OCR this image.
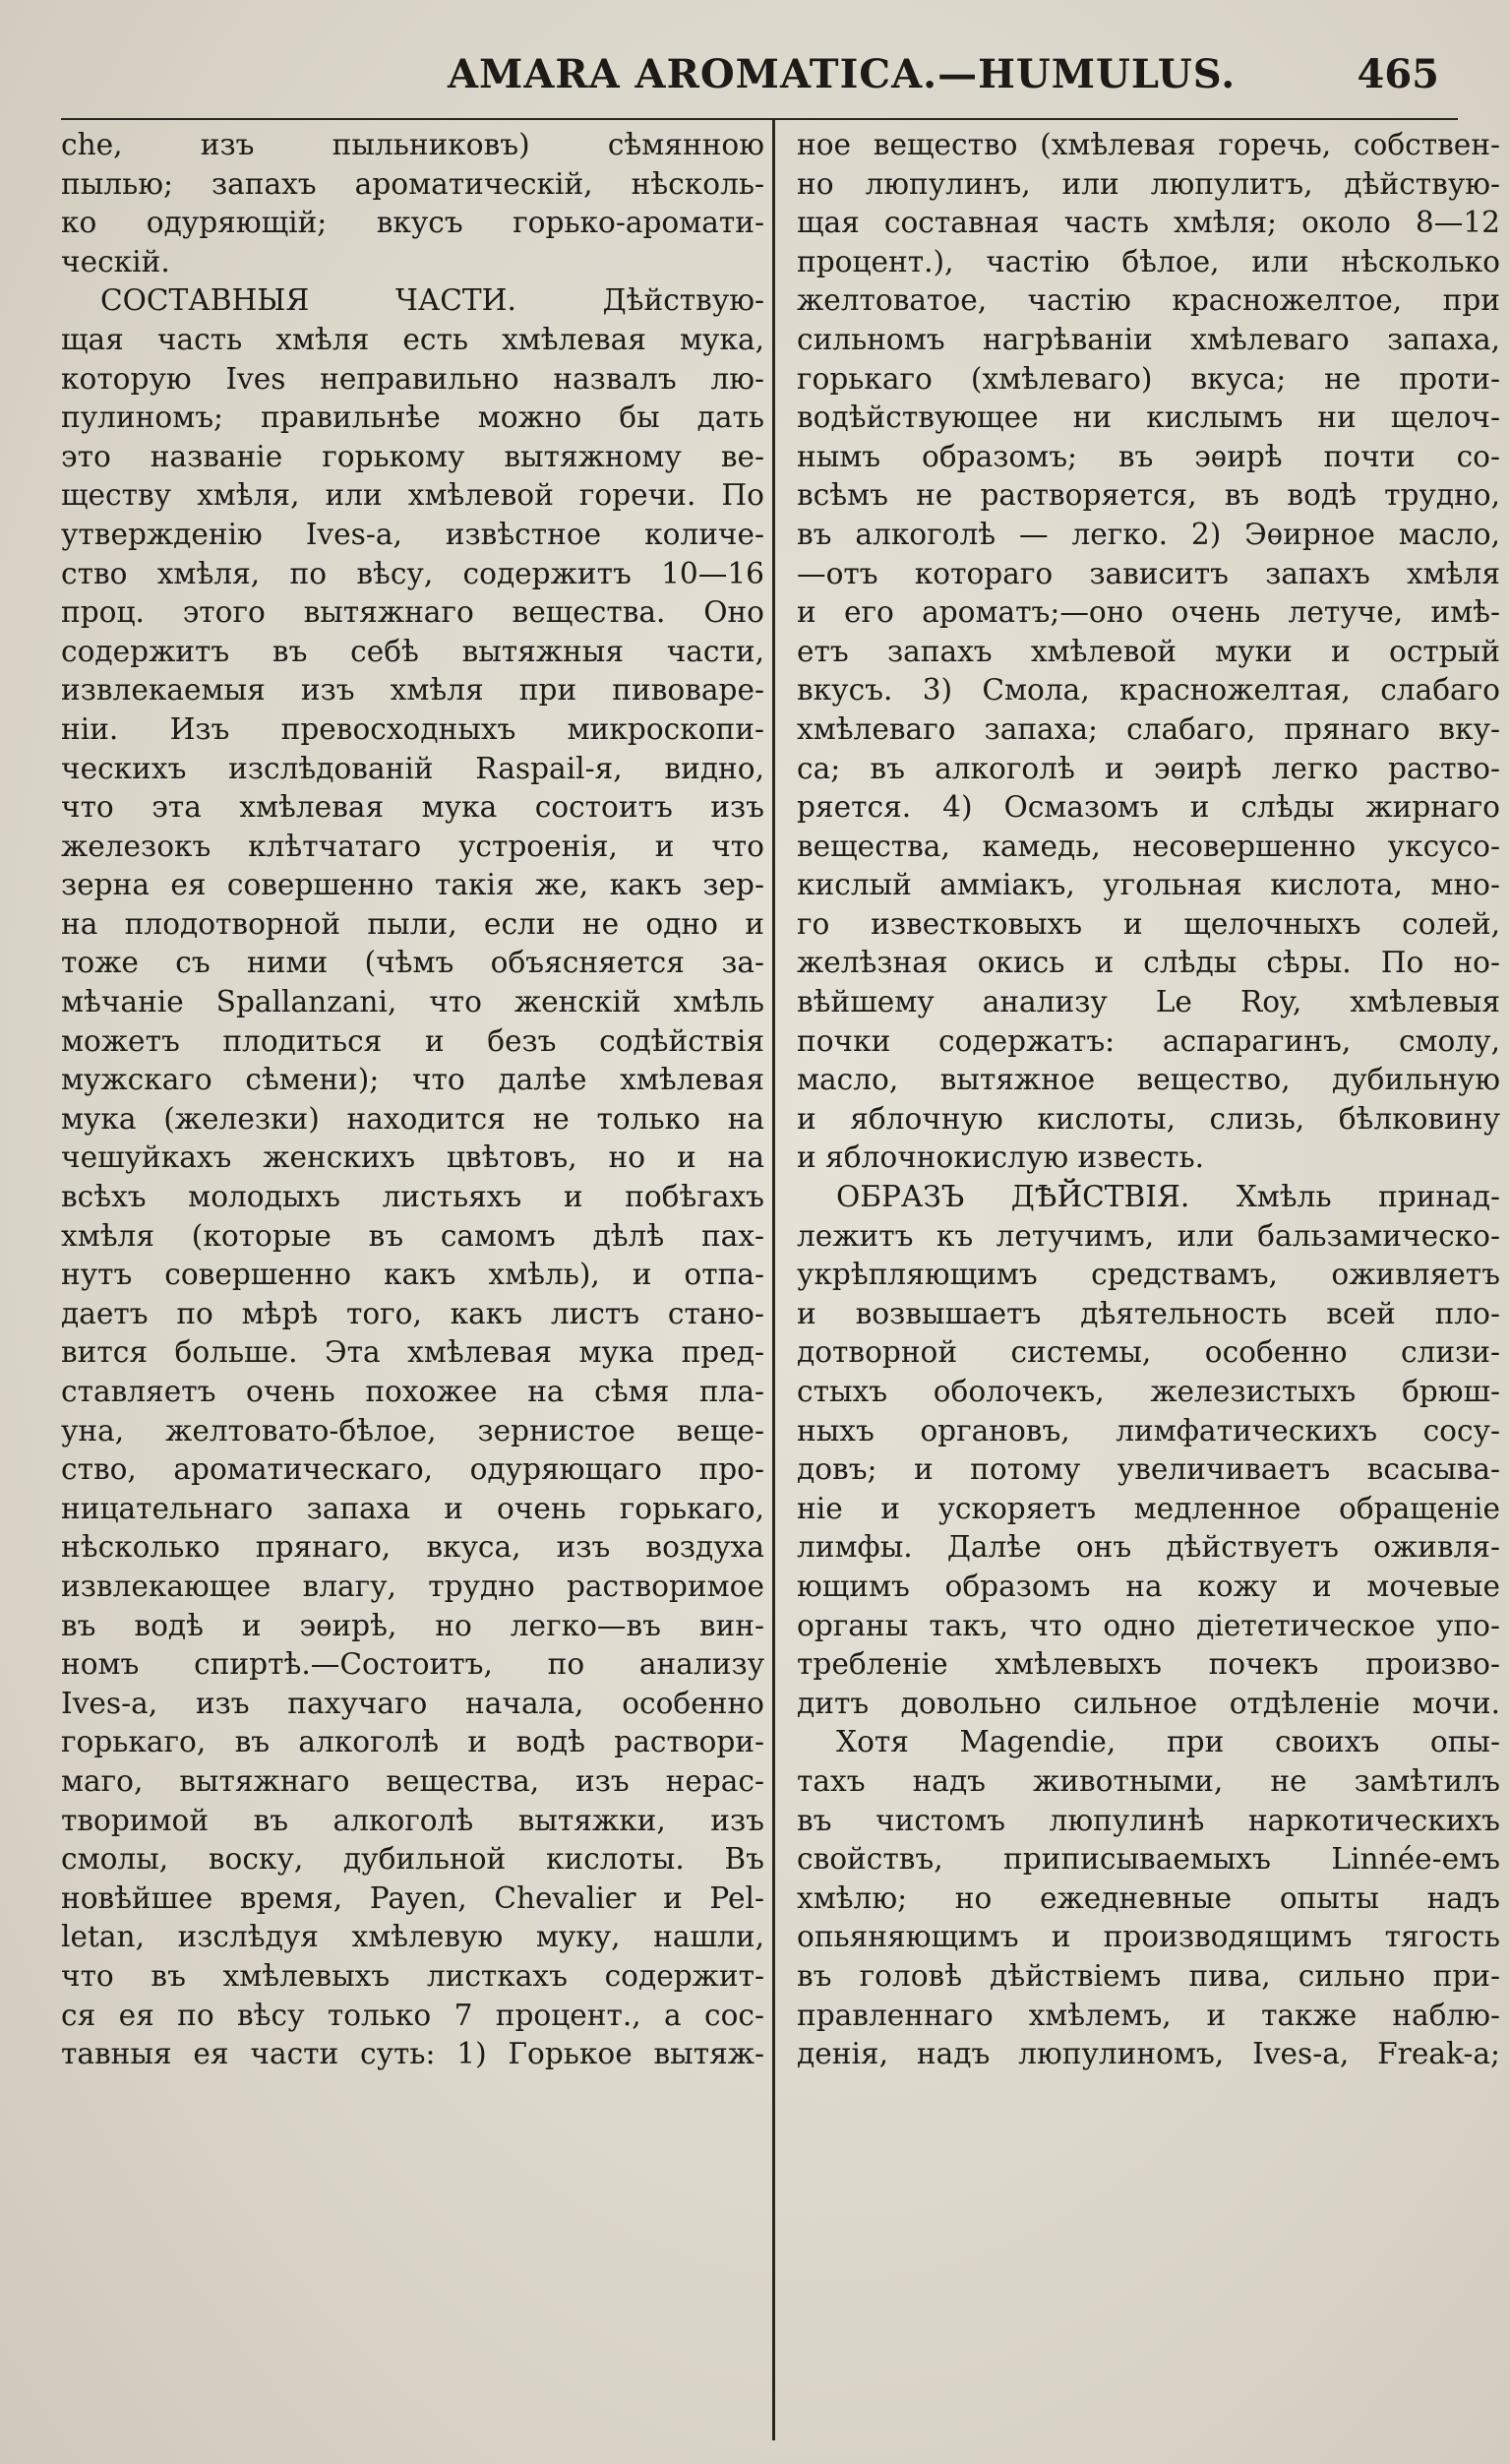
AMARA AROMATICA.—HUMULUS.	465
che, изъ пыльниковъ) сѣмянною
пылью; запахъ ароматическій, нѣсколь-
ко одуряющій; вкусъ горько-аромати-
ческій.
СОСТАВНЫЯ ЧАСТИ. Дѣйствую-
щая часть хмѣля есть хмѣлевая мука,
которую Ives неправильно назвалъ лю-
пулиномъ; правильнѣе можно бы дать
это названіе горькому вытяжному ве-
ществу хмѣля, или хмѣлевой горечи. По
утвержденію Ives-а, извѣстное количе-
ство хмѣля, по вѣсу, содержитъ 10—16
проц. этого вытяжнаго вещества. Оно
содержитъ въ себѣ вытяжныя части,
извлекаемыя изъ хмѣля при пивоваре-
ніи. Изъ превосходныхъ микроскопи-
ческихъ изслѣдованій Raspail-я, видно,
что эта хмѣлевая мука состоитъ изъ
железокъ клѣтчатаго устроенія, и что
зерна ея совершенно такія же, какъ зер-
на плодотворной пыли, если не одно и
тоже съ ними (чѣмъ объясняется за-
мѣчаніе Spallanzani, что женскій хмѣль
можетъ плодиться и безъ содѣйствія
мужскаго сѣмени); что далѣе хмѣлевая
мука (железки) находится не только на
чешуйкахъ женскихъ цвѣтовъ, но и на
всѣхъ молодыхъ листьяхъ и побѣгахъ
хмѣля (которые въ самомъ дѣлѣ пах-
нутъ совершенно какъ хмѣль), и отпа-
даетъ по мѣрѣ того, какъ листъ стано-
вится больше. Эта хмѣлевая мука пред-
ставляетъ очень похожее на сѣмя пла-
уна, желтовато-бѣлое, зернистое веще-
ство, ароматическаго, одуряющаго про-
ницательнаго запаха и очень горькаго,
нѣсколько прянаго, вкуса, изъ воздуха
извлекающее влагу, трудно растворимое
въ водѣ и эѳирѣ, но легко—въ вин-
номъ спиртѣ.—Состоитъ, по анализу
Ives-а, изъ пахучаго начала, особенно
горькаго, въ алкоголѣ и водѣ раствори-
маго, вытяжнаго вещества, изъ нерас-
творимой въ алкоголѣ вытяжки, изъ
смолы, воску, дубильной кислоты. Въ
новѣйшее время, Payen, Chevalier и Pel-
letan, изслѣдуя хмѣлевую муку, нашли,
что въ хмѣлевыхъ листкахъ содержит-
ся ея по вѣсу только 7 процент., а сос-
тавныя ея части суть: 1) Горькое вытяж-
ное вещество (хмѣлевая горечь, собствен-
но люпулинъ, или люпулитъ, дѣйствую-
щая составная часть хмѣля; около 8—12
процент.), частію бѣлое, или нѣсколько
желтоватое, частію красножелтое, при
сильномъ нагрѣваніи хмѣлеваго запаха,
горькаго (хмѣлеваго) вкуса; не проти-
водѣйствующее ни кислымъ ни щелоч-
нымъ образомъ; въ эѳирѣ почти со-
всѣмъ не растворяется, въ водѣ трудно,
въ алкоголѣ — легко. 2) Эѳирное масло,
—отъ котораго зависитъ запахъ хмѣля
и его ароматъ;—оно очень летуче, имѣ-
етъ запахъ хмѣлевой муки и острый
вкусъ. 3) Смола, красножелтая, слабаго
хмѣлеваго запаха; слабаго, прянаго вку-
са; въ алкоголѣ и эѳирѣ легко раство-
ряется. 4) Осмазомъ и слѣды жирнаго
вещества, камедь, несовершенно уксусо-
кислый амміакъ, угольная кислота, мно-
го известковыхъ и щелочныхъ солей,
желѣзная окись и слѣды сѣры. По но-
вѣйшему анализу Le Roy, хмѣлевыя
почки содержатъ: аспарагинъ, смолу,
масло, вытяжное вещество, дубильную
и яблочную кислоты, слизь, бѣлковину
и яблочнокислую известь.
ОБРАЗЪ ДѢЙСТВІЯ. Хмѣль принад-
лежитъ къ летучимъ, или бальзамическо-
укрѣпляющимъ средствамъ, оживляетъ
и возвышаетъ дѣятельность всей пло-
дотворной системы, особенно слизи-
стыхъ оболочекъ, железистыхъ брюш-
ныхъ органовъ, лимфатическихъ сосу-
довъ; и потому увеличиваетъ всасыва-
ніе и ускоряетъ медленное обращеніе
лимфы. Далѣе онъ дѣйствуетъ оживля-
ющимъ образомъ на кожу и мочевые
органы такъ, что одно діететическое упо-
требленіе хмѣлевыхъ почекъ произво-
дитъ довольно сильное отдѣленіе мочи.
Хотя Magendie, при своихъ опы-
тахъ надъ животными, не замѣтилъ
въ чистомъ люпулинѣ наркотическихъ
свойствъ, приписываемыхъ Linnée-емъ
хмѣлю; но ежедневные опыты надъ
опьяняющимъ и производящимъ тягость
въ головѣ дѣйствіемъ пива, сильно при-
правленнаго хмѣлемъ, и также наблю-
денія, надъ люпулиномъ, Ives-а, Freak-а;
